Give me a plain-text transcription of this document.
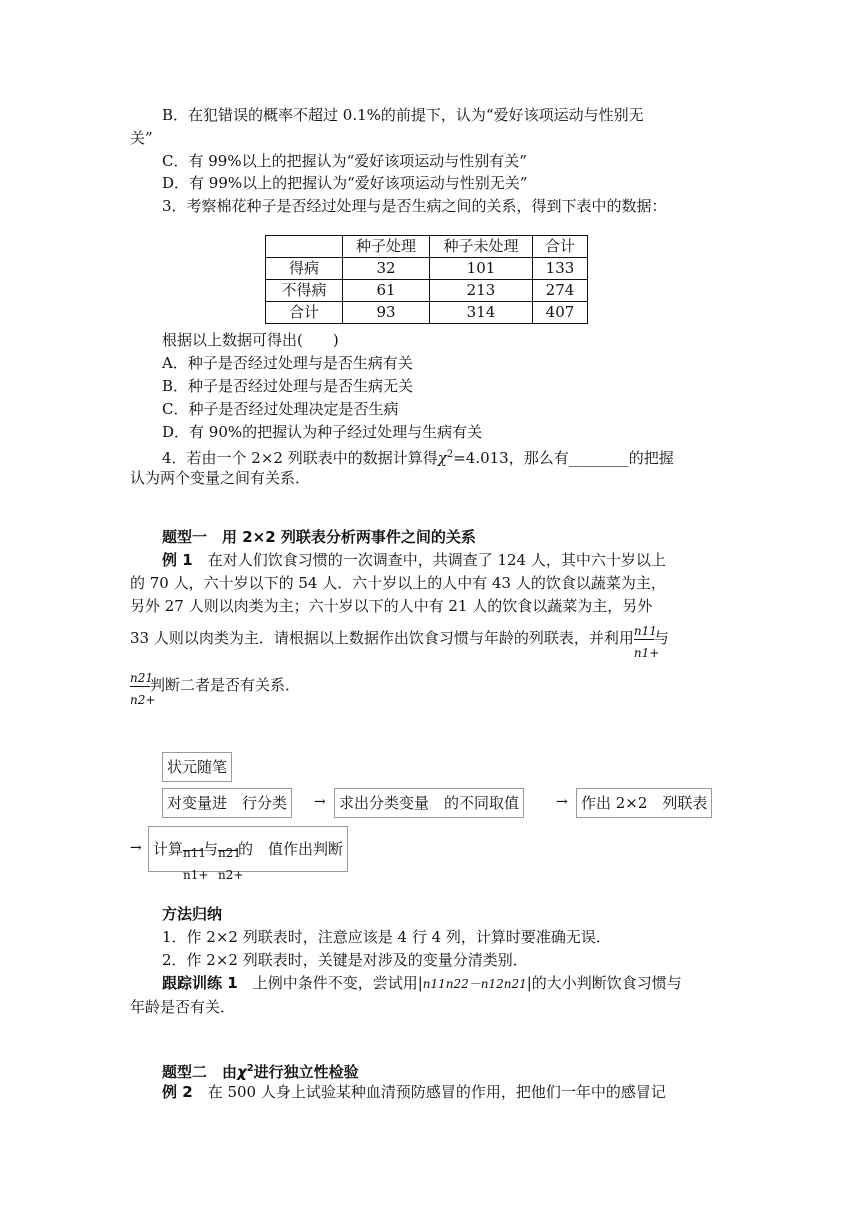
B．在犯错误的概率不超过 0.1%的前提下，认为“爱好该项运动与性别无
关”
C．有 99%以上的把握认为“爱好该项运动与性别有关”
D．有 99%以上的把握认为“爱好该项运动与性别无关”
3．考察棉花种子是否经过处理与是否生病之间的关系，得到下表中的数据：
	种子处理	种子未处理	合计
得病	32	101	133
不得病	61	213	274
合计	93	314	407
根据以上数据可得出(　　)
A．种子是否经过处理与是否生病有关
B．种子是否经过处理与是否生病无关
C．种子是否经过处理决定是否生病
D．有 90%的把握认为种子经过处理与生病有关
4．若由一个 2×2 列联表中的数据计算得$\chi^2=4.013$，那么有________的把握
认为两个变量之间有关系．
题型一　用 2×2 列联表分析两事件之间的关系
例 1　 在对人们饮食习惯的一次调查中，共调查了 124 人，其中六十岁以上
的 70 人，六十岁以下的 54 人．六十岁以上的人中有 43 人的饮食以蔬菜为主，
另外 27 人则以肉类为主；六十岁以下的人中有 21 人的饮食以蔬菜为主，另外
33 人则以肉类为主．请根据以上数据作出饮食习惯与年龄的列联表，并利用 $\frac{n11}{n1+}$ 与
$\frac{n21}{n2+}$ 判断二者是否有关系．
状元随笔
对变量进　行分类	→ 求出分类变量　的不同取值	→ 作出 2×2　列联表
→ 计算 n11
n1+
与 n21
n2+
的　值作出判断
方法归纳
1．作 2×2 列联表时，注意应该是 4 行 4 列，计算时要准确无误．
2．作 2×2 列联表时，关键是对涉及的变量分清类别．
跟踪训练 1　 上例中条件不变，尝试用|n11n22－n12n21|的大小判断饮食习惯与
年龄是否有关．
题型二　由$\chi^2$进行独立性检验
例 2　 在 500 人身上试验某种血清预防感冒的作用，把他们一年中的感冒记
